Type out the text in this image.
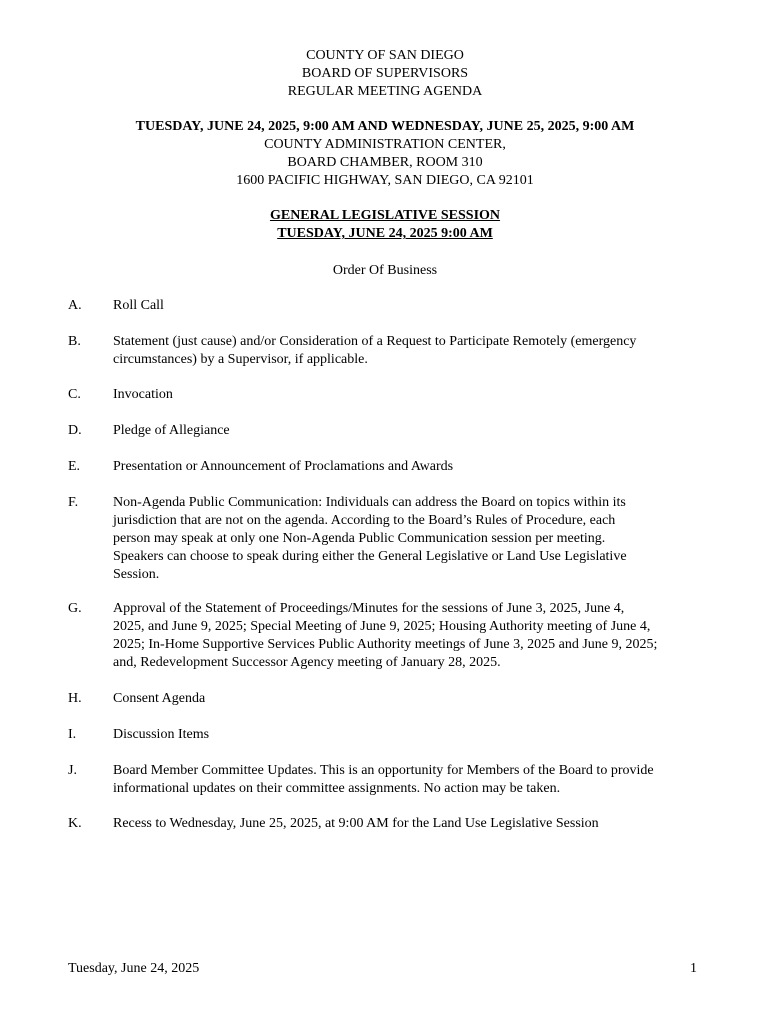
COUNTY OF SAN DIEGO
BOARD OF SUPERVISORS
REGULAR MEETING AGENDA
TUESDAY, JUNE 24, 2025, 9:00 AM AND WEDNESDAY, JUNE 25, 2025, 9:00 AM
COUNTY ADMINISTRATION CENTER,
BOARD CHAMBER, ROOM 310
1600 PACIFIC HIGHWAY, SAN DIEGO, CA 92101
GENERAL LEGISLATIVE SESSION
TUESDAY, JUNE 24, 2025 9:00 AM
Order Of Business
A. Roll Call
B. Statement (just cause) and/or Consideration of a Request to Participate Remotely (emergency
circumstances) by a Supervisor, if applicable.
C. Invocation
D. Pledge of Allegiance
E. Presentation or Announcement of Proclamations and Awards
F. Non-Agenda Public Communication: Individuals can address the Board on topics within its
jurisdiction that are not on the agenda. According to the Board’s Rules of Procedure, each
person may speak at only one Non-Agenda Public Communication session per meeting.
Speakers can choose to speak during either the General Legislative or Land Use Legislative
Session.
G. Approval of the Statement of Proceedings/Minutes for the sessions of June 3, 2025, June 4,
2025, and June 9, 2025; Special Meeting of June 9, 2025; Housing Authority meeting of June 4,
2025; In-Home Supportive Services Public Authority meetings of June 3, 2025 and June 9, 2025;
and, Redevelopment Successor Agency meeting of January 28, 2025.
H. Consent Agenda
I.	Discussion Items
J.	Board Member Committee Updates. This is an opportunity for Members of the Board to provide
informational updates on their committee assignments. No action may be taken.
K. Recess to Wednesday, June 25, 2025, at 9:00 AM for the Land Use Legislative Session
Tuesday, June 24, 2025	1
